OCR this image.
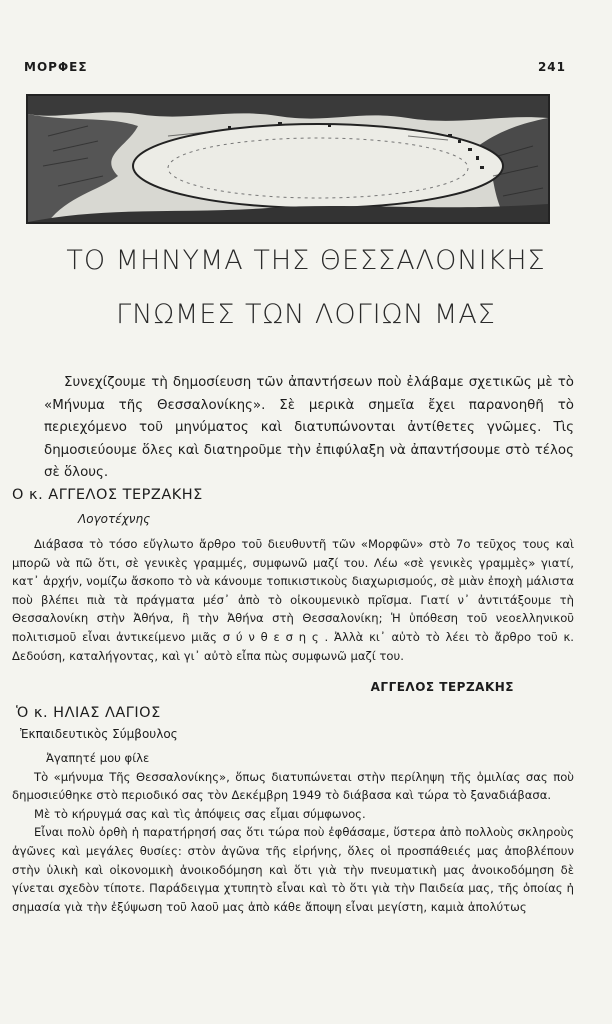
ΜΟΡΦΕΣ	241
ΤΟ ΜΗΝΥΜΑ ΤΗΣ ΘΕΣΣΑΛΟΝΙΚΗΣ
ΓΝΩΜΕΣ ΤΩΝ ΛΟΓΙΩΝ ΜΑΣ

Συνεχίζουμε τὴ δημοσίευση τῶν ἀπαντήσεων ποὺ ἐλάβαμε σχετικῶς μὲ τὸ «Μήνυμα τῆς Θεσσαλονίκης». Σὲ μερικὰ σημεῖα ἔχει παρανοηθῆ τὸ περιεχόμενο τοῦ μηνύματος καὶ διατυπώνονται ἀντίθετες γνῶμες. Τὶς δημοσιεύουμε ὅλες καὶ διατηροῦμε τὴν ἐπιφύλαξη νὰ ἀπαντήσουμε στὸ τέλος σὲ ὅλους.

Ο κ. ΑΓΓΕΛΟΣ ΤΕΡΖΑΚΗΣ
Λογοτέχνης

Διάβασα τὸ τόσο εὔγλωτο ἄρθρο τοῦ διευθυντῆ τῶν «Μορφῶν» στὸ 7ο τεῦχος τους καὶ μπορῶ νὰ πῶ ὅτι, σὲ γενικὲς γραμμές, συμφωνῶ μαζί του. Λέω «σὲ γενικὲς γραμμὲς» γιατί, κατ᾽ ἀρχήν, νομίζω ἄσκοπο τὸ νὰ κάνουμε τοπικιστικοὺς διαχωρισμούς, σὲ μιὰν ἐποχὴ μάλιστα ποὺ βλέπει πιὰ τὰ πράγματα μέσ᾽ ἀπὸ τὸ οἰκουμενικὸ πρῖσμα. Γιατί ν᾽ ἀντιτάξουμε τὴ Θεσσαλονίκη στὴν Ἀθήνα, ἢ τὴν Ἀθήνα στὴ Θεσσαλονίκη; Ἡ ὑπόθεση τοῦ νεοελληνικοῦ πολιτισμοῦ εἶναι ἀντικείμενο μιᾶς σ ύ ν θ ε σ η ς . Ἀλλὰ κι᾽ αὐτὸ τὸ λέει τὸ ἄρθρο τοῦ κ. Δεδούση, καταλήγοντας, καὶ γι᾽ αὐτὸ εἶπα πὼς συμφωνῶ μαζί του.

ΑΓΓΕΛΟΣ ΤΕΡΖΑΚΗΣ
Ὁ κ. ΗΛΙΑΣ ΛΑΓΙΟΣ
Ἐκπαιδευτικὸς Σύμβουλος

Ἀγαπητέ μου φίλε

Τὸ «μήνυμα Τῆς Θεσσαλονίκης», ὅπως διατυπώνεται στὴν περίληψη τῆς ὁμιλίας σας ποὺ δημοσιεύθηκε στὸ περιοδικό σας τὸν Δεκέμβρη 1949 τὸ διάβασα καὶ τώρα τὸ ξαναδιάβασα.

Μὲ τὸ κήρυγμά σας καὶ τὶς ἀπόψεις σας εἶμαι σύμφωνος.

Εἶναι πολὺ ὀρθὴ ἡ παρατήρησή σας ὅτι τώρα ποὺ ἐφθάσαμε, ὕστερα ἀπὸ πολλοὺς σκληροὺς ἀγῶνες καὶ μεγάλες θυσίες: στὸν ἀγῶνα τῆς εἰρήνης, ὅλες οἱ προσπάθειές μας ἀποβλέπουν στὴν ὑλικὴ καὶ οἰκονομικὴ ἀνοικοδόμηση καὶ ὅτι γιὰ τὴν πνευματικὴ μας ἀνοικοδόμηση δὲ γίνεται σχεδὸν τίποτε. Παράδειγμα χτυπητὸ εἶναι καὶ τὸ ὅτι γιὰ τὴν Παιδεία μας, τῆς ὁποίας ἡ σημασία γιὰ τὴν ἐξύψωση τοῦ λαοῦ μας ἀπὸ κάθε ἄποψη εἶναι μεγίστη, καμιὰ ἀπολύτως
